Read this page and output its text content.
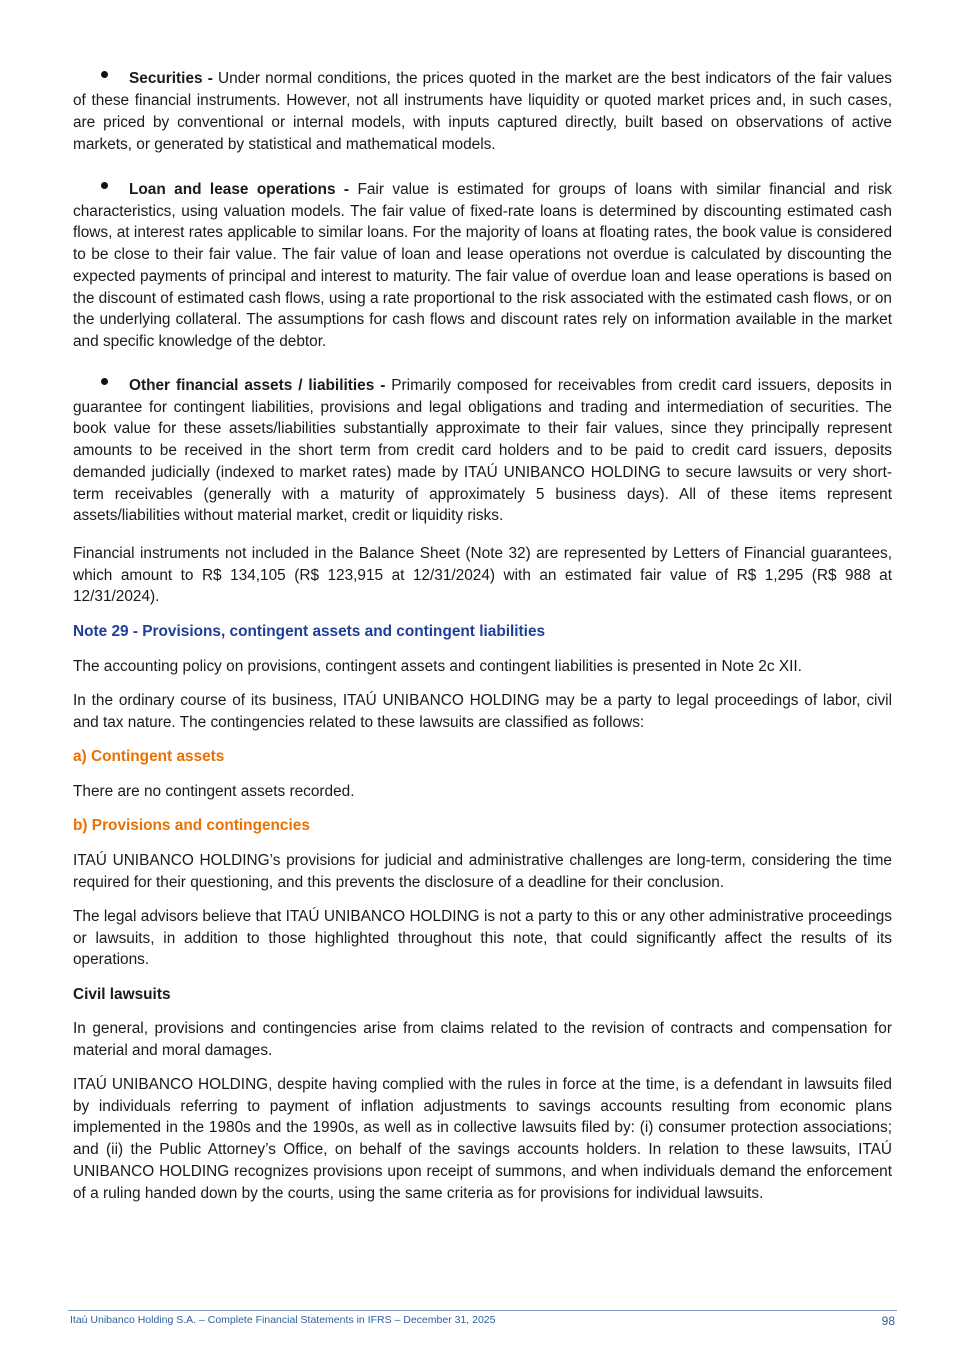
Securities - Under normal conditions, the prices quoted in the market are the best indicators of the fair values of these financial instruments. However, not all instruments have liquidity or quoted market prices and, in such cases, are priced by conventional or internal models, with inputs captured directly, built based on observations of active markets, or generated by statistical and mathematical models.

Loan and lease operations - Fair value is estimated for groups of loans with similar financial and risk characteristics, using valuation models. The fair value of fixed-rate loans is determined by discounting estimated cash flows, at interest rates applicable to similar loans. For the majority of loans at floating rates, the book value is considered to be close to their fair value. The fair value of loan and lease operations not overdue is calculated by discounting the expected payments of principal and interest to maturity. The fair value of overdue loan and lease operations is based on the discount of estimated cash flows, using a rate proportional to the risk associated with the estimated cash flows, or on the underlying collateral. The assumptions for cash flows and discount rates rely on information available in the market and specific knowledge of the debtor.

Other financial assets / liabilities - Primarily composed for receivables from credit card issuers, deposits in guarantee for contingent liabilities, provisions and legal obligations and trading and intermediation of securities. The book value for these assets/liabilities substantially approximate to their fair values, since they principally represent amounts to be received in the short term from credit card holders and to be paid to credit card issuers, deposits demanded judicially (indexed to market rates) made by ITAÚ UNIBANCO HOLDING to secure lawsuits or very short-term receivables (generally with a maturity of approximately 5 business days). All of these items represent assets/liabilities without material market, credit or liquidity risks.

Financial instruments not included in the Balance Sheet (Note 32) are represented by Letters of Financial guarantees, which amount to R$ 134,105 (R$ 123,915 at 12/31/2024) with an estimated fair value of R$ 1,295 (R$ 988 at 12/31/2024).

Note 29 - Provisions, contingent assets and contingent liabilities

The accounting policy on provisions, contingent assets and contingent liabilities is presented in Note 2c XII.

In the ordinary course of its business, ITAÚ UNIBANCO HOLDING may be a party to legal proceedings of labor, civil and tax nature. The contingencies related to these lawsuits are classified as follows:

a) Contingent assets

There are no contingent assets recorded.

b) Provisions and contingencies

ITAÚ UNIBANCO HOLDING’s provisions for judicial and administrative challenges are long-term, considering the time required for their questioning, and this prevents the disclosure of a deadline for their conclusion.

The legal advisors believe that ITAÚ UNIBANCO HOLDING is not a party to this or any other administrative proceedings or lawsuits, in addition to those highlighted throughout this note, that could significantly affect the results of its operations.

Civil lawsuits

In general, provisions and contingencies arise from claims related to the revision of contracts and compensation for material and moral damages.

ITAÚ UNIBANCO HOLDING, despite having complied with the rules in force at the time, is a defendant in lawsuits filed by individuals referring to payment of inflation adjustments to savings accounts resulting from economic plans implemented in the 1980s and the 1990s, as well as in collective lawsuits filed by: (i) consumer protection associations; and (ii) the Public Attorney’s Office, on behalf of the savings accounts holders. In relation to these lawsuits, ITAÚ UNIBANCO HOLDING recognizes provisions upon receipt of summons, and when individuals demand the enforcement of a ruling handed down by the courts, using the same criteria as for provisions for individual lawsuits.

Itaú Unibanco Holding S.A. – Complete Financial Statements in IFRS – December 31, 2025	98
